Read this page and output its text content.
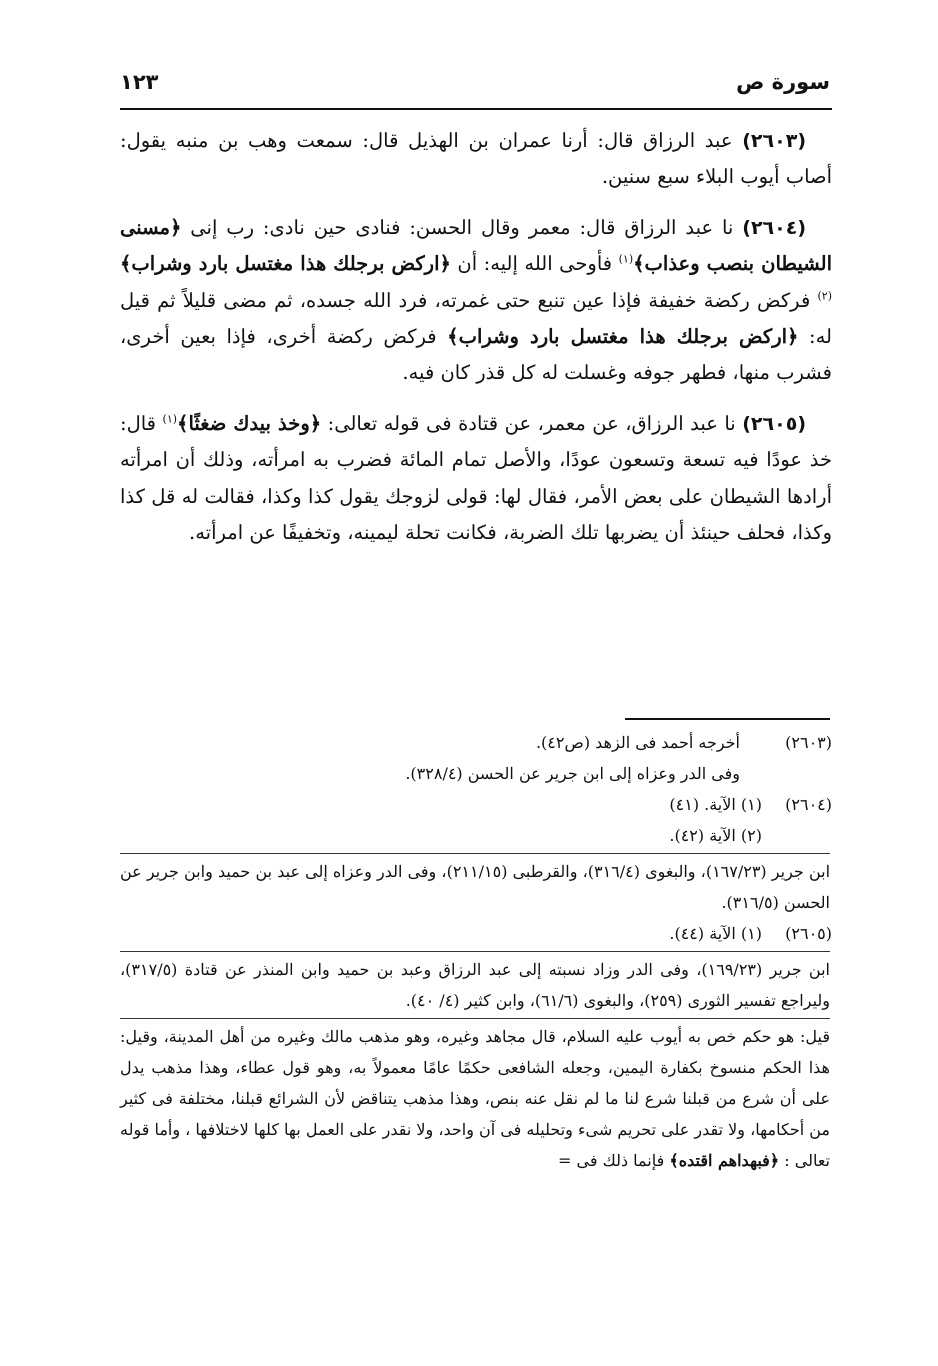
سورة ص
١٢٣

(٢٦٠٣) عبد الرزاق قال: أرنا عمران بن الهذيل قال: سمعت وهب بن منبه يقول: أصاب أيوب البلاء سبع سنين.

(٢٦٠٤) نا عبد الرزاق قال: معمر وقال الحسن: فنادى حين نادى: رب إنى ﴿مسنى الشيطان بنصب وعذاب﴾$^{(١)}$ فأوحى الله إليه: أن ﴿اركض برجلك هذا مغتسل بارد وشراب﴾$^{(٢)}$ فركض ركضة خفيفة فإذا عين تنبع حتى غمرته، فرد الله جسده، ثم مضى قليلاً ثم قيل له: ﴿اركض برجلك هذا مغتسل بارد وشراب﴾ فركض ركضة أخرى، فإذا بعين أخرى، فشرب منها، فطهر جوفه وغسلت له كل قذر كان فيه.

(٢٦٠٥) نا عبد الرزاق، عن معمر، عن قتادة فى قوله تعالى: ﴿وخذ بيدك ضغثًا﴾$^{(١)}$ قال: خذ عودًا فيه تسعة وتسعون عودًا، والأصل تمام المائة فضرب به امرأته، وذلك أن امرأته أرادها الشيطان على بعض الأمر، فقال لها: قولى لزوجك يقول كذا وكذا، فقالت له قل كذا وكذا، فحلف حينئذ أن يضربها تلك الضربة، فكانت تحلة ليمينه، وتخفيفًا عن امرأته.

(٢٦٠٣)
أخرجه أحمد فى الزهد (ص٤٢).
وفى الدر وعزاه إلى ابن جرير عن الحسن (٣٢٨/٤).
(٢٦٠٤)
(١) الآية. (٤١)
(٢) الآية (٤٢).
ابن جرير (١٦٧/٢٣)، والبغوى (٣١٦/٤)، والقرطبى (٢١١/١٥)، وفى الدر وعزاه إلى عبد بن حميد وابن جرير عن الحسن (٣١٦/٥).
(٢٦٠٥)
(١) الآية (٤٤).
ابن جرير (١٦٩/٢٣)، وفى الدر وزاد نسبته إلى عبد الرزاق وعبد بن حميد وابن المنذر عن قتادة (٣١٧/٥)، وليراجع تفسير الثورى (٢٥٩)، والبغوى (٦١/٦)، وابن كثير (٤/ ٤٠).
قيل: هو حكم خص به أيوب عليه السلام، قال مجاهد وغيره، وهو مذهب مالك وغيره من أهل المدينة، وقيل: هذا الحكم منسوخ بكفارة اليمين، وجعله الشافعى حكمًا عامًا معمولاً به، وهو قول عطاء، وهذا مذهب يدل على أن شرع من قبلنا شرع لنا ما لم نقل عنه بنص، وهذا مذهب يتناقض لأن الشرائع قبلنا، مختلفة فى كثير من أحكامها، ولا تقدر على تحريم شىء وتحليله فى آن واحد، ولا نقدر على العمل بها كلها لاختلافها ، وأما قوله تعالى : ﴿فبهداهم اقتده﴾ فإنما ذلك فى =
